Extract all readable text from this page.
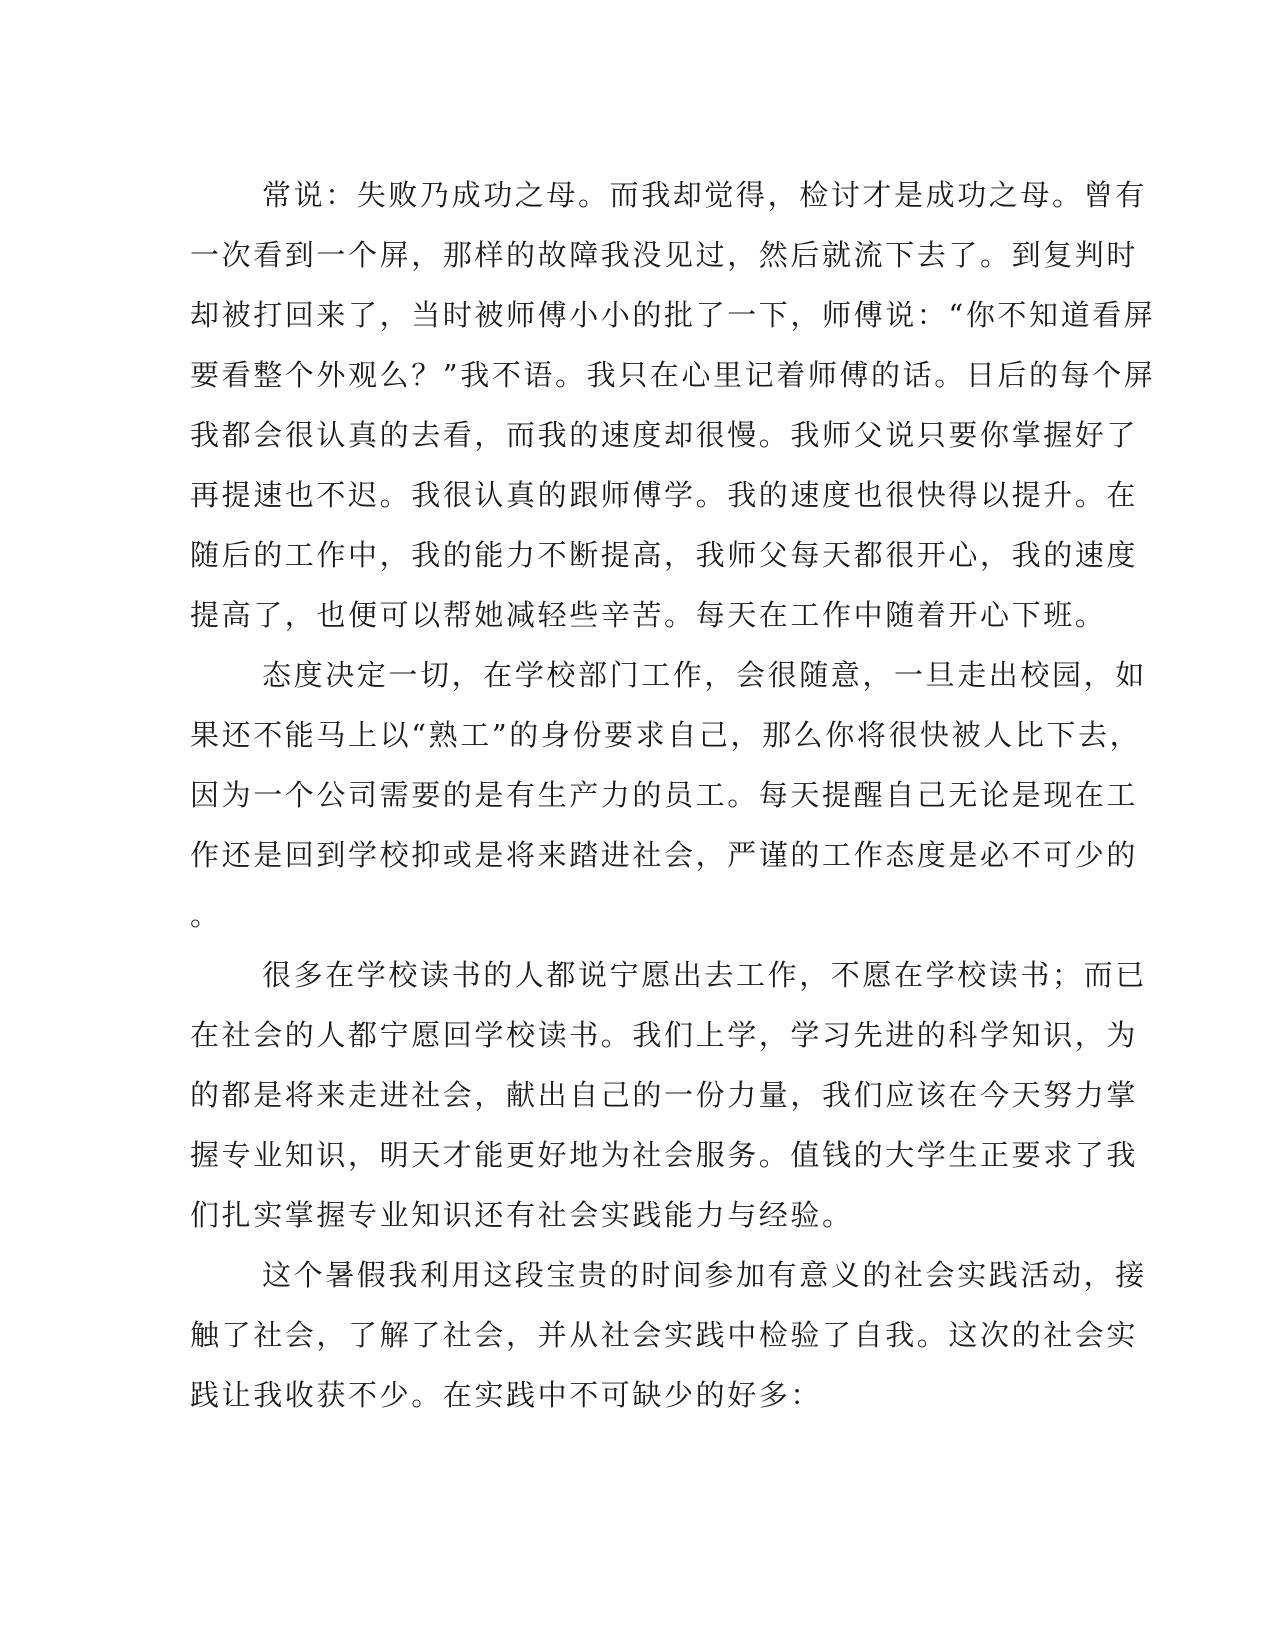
常说：失败乃成功之母。而我却觉得，检讨才是成功之母。曾有
一次看到一个屏，那样的故障我没见过，然后就流下去了。到复判时
却被打回来了，当时被师傅小小的批了一下，师傅说：“你不知道看屏
要看整个外观么？”我不语。我只在心里记着师傅的话。日后的每个屏
我都会很认真的去看，而我的速度却很慢。我师父说只要你掌握好了
再提速也不迟。我很认真的跟师傅学。我的速度也很快得以提升。在
随后的工作中，我的能力不断提高，我师父每天都很开心，我的速度
提高了，也便可以帮她减轻些辛苦。每天在工作中随着开心下班。
态度决定一切，在学校部门工作，会很随意，一旦走出校园，如
果还不能马上以“熟工”的身份要求自己，那么你将很快被人比下去，
因为一个公司需要的是有生产力的员工。每天提醒自己无论是现在工
作还是回到学校抑或是将来踏进社会，严谨的工作态度是必不可少的
。
很多在学校读书的人都说宁愿出去工作，不愿在学校读书；而已
在社会的人都宁愿回学校读书。我们上学，学习先进的科学知识，为
的都是将来走进社会，献出自己的一份力量，我们应该在今天努力掌
握专业知识，明天才能更好地为社会服务。值钱的大学生正要求了我
们扎实掌握专业知识还有社会实践能力与经验。
这个暑假我利用这段宝贵的时间参加有意义的社会实践活动，接
触了社会，了解了社会，并从社会实践中检验了自我。这次的社会实
践让我收获不少。在实践中不可缺少的好多：
